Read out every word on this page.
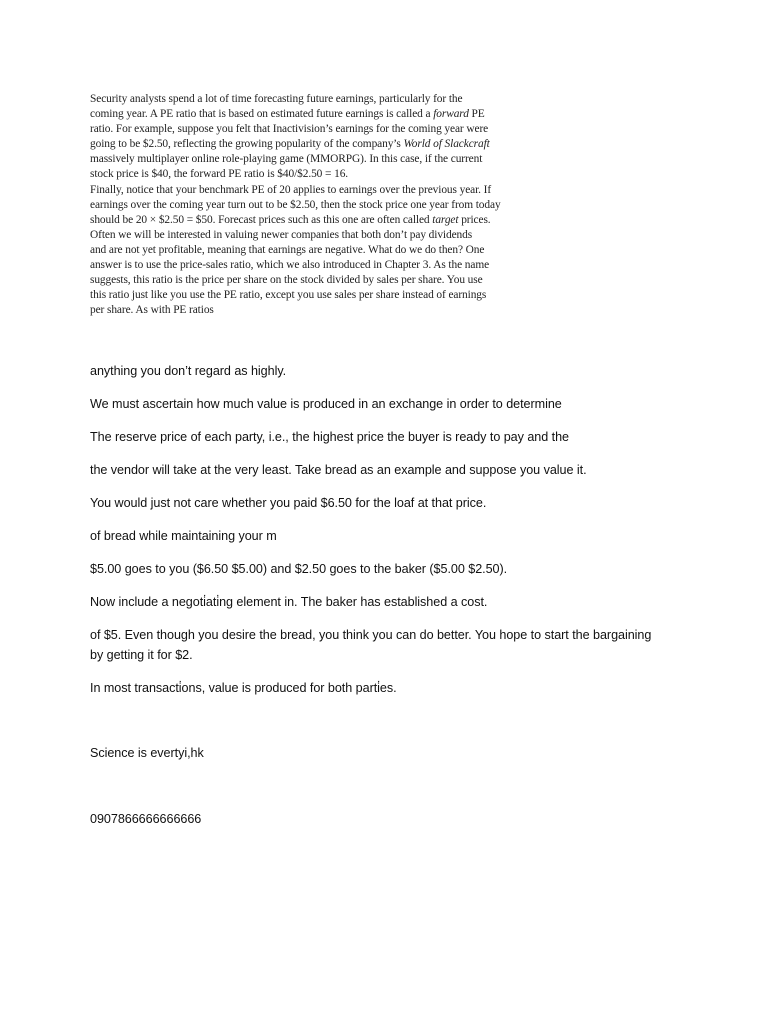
Security analysts spend a lot of time forecasting future earnings, particularly for the
coming year. A PE ratio that is based on estimated future earnings is called a forward PE
ratio. For example, suppose you felt that Inactivision’s earnings for the coming year were
going to be $2.50, reflecting the growing popularity of the company’s World of Slackcraft
massively multiplayer online role-playing game (MMORPG). In this case, if the current
stock price is $40, the forward PE ratio is $40/$2.50 = 16.
Finally, notice that your benchmark PE of 20 applies to earnings over the previous year. If
earnings over the coming year turn out to be $2.50, then the stock price one year from today
should be 20 × $2.50 = $50. Forecast prices such as this one are often called target prices.
Often we will be interested in valuing newer companies that both don’t pay dividends
and are not yet profitable, meaning that earnings are negative. What do we do then? One
answer is to use the price-sales ratio, which we also introduced in Chapter 3. As the name
suggests, this ratio is the price per share on the stock divided by sales per share. You use
this ratio just like you use the PE ratio, except you use sales per share instead of earnings
per share. As with PE ratios
anything you don’t regard as highly.
We must ascertain how much value is produced in an exchange in order to determine
The reserve price of each party, i.e., the highest price the buyer is ready to pay and the
the vendor will take at the very least. Take bread as an example and suppose you value it.
You would just not care whether you paid $6.50 for the loaf at that price.
of bread while maintaining your m
$5.00 goes to you ($6.50 $5.00) and $2.50 goes to the baker ($5.00 $2.50).
Now include a negoti̇ati̇ng element in. The baker has established a cost.
of $5. Even though you desire the bread, you think you can do better. You hope to start the bargaining
by getting it for $2.
In most transacti̇ons, value is produced for both parti̇es.
Science is evertyi,hk
0907866666666666
